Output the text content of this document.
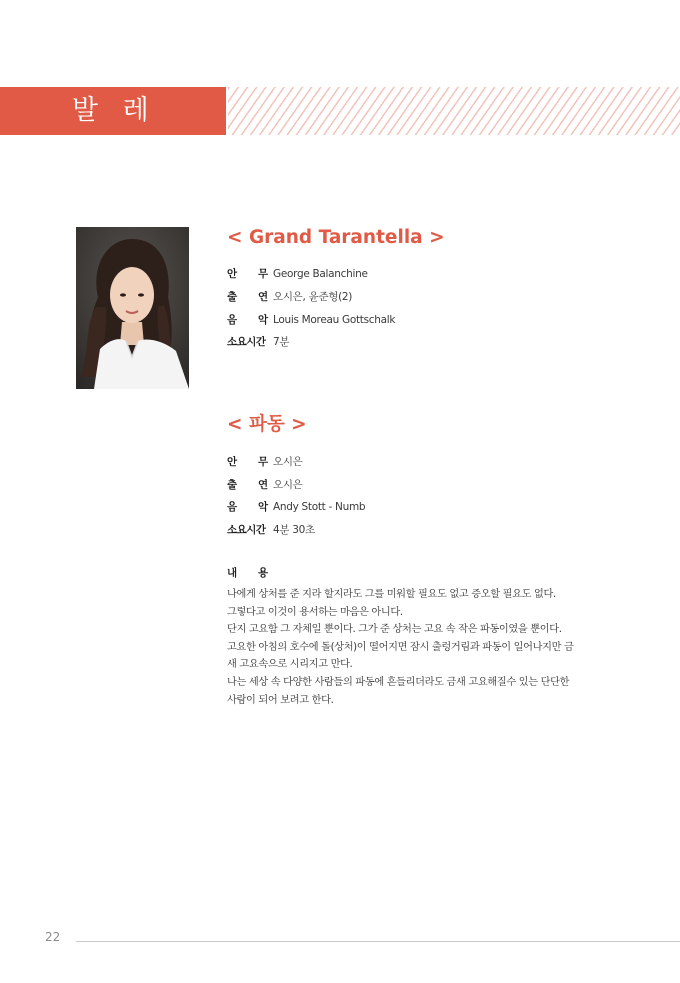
발 레
< Grand Tarantella >
안 무 George Balanchine
출 연 오시은, 윤준형(2)
음 악 Louis Moreau Gottschalk
소요시간 7분
< 파동 >
안 무 오시은
출 연 오시은
음 악 Andy Stott - Numb
소요시간 4분 30초
내 용
나에게 상처를 준 지라 할지라도 그를 미워할 필요도 없고 증오할 필요도 없다.
그렇다고 이것이 용서하는 마음은 아니다.
단지 고요함 그 자체일 뿐이다. 그가 준 상처는 고요 속 작은 파동이였을 뿐이다.
고요한 아침의 호수에 돌(상처)이 떨어지면 잠시 출렁거림과 파동이 일어나지만 금
새 고요속으로 시리지고 만다.
나는 세상 속 다양한 사람들의 파동에 흔들리더라도 금새 고요해질수 있는 단단한
사람이 되어 보려고 한다.
22
